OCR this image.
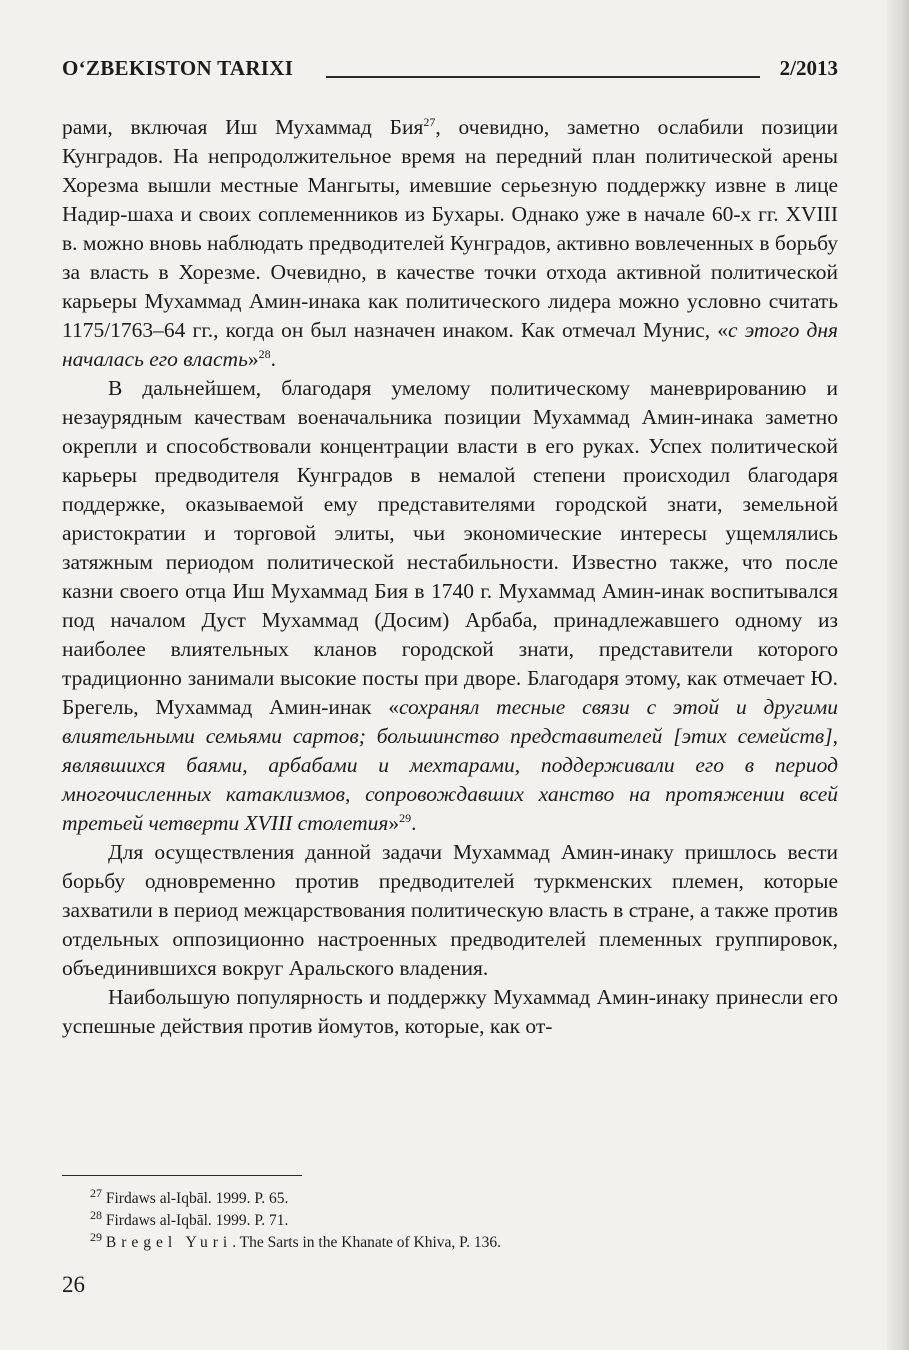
O‘ZBEKISTON TARIXI	2/2013

рами, включая Иш Мухаммад Бия$^{27}$, очевидно, заметно ослабили позиции Кунградов. На непродолжительное время на передний план политической арены Хорезма вышли местные Мангыты, имевшие серьезную поддержку извне в лице Надир-шаха и своих соплеменников из Бухары. Однако уже в начале 60-х гг. XVIII в. можно вновь наблюдать предводителей Кунградов, активно вовлеченных в борьбу за власть в Хорезме. Очевидно, в качестве точки отхода активной политической карьеры Мухаммад Амин-инака как политического лидера можно условно считать 1175/1763–64 гг., когда он был назначен инаком. Как отмечал Мунис, «с этого дня началась его власть»$^{28}$.

В дальнейшем, благодаря умелому политическому маневрированию и незаурядным качествам военачальника позиции Мухаммад Амин-инака заметно окрепли и способствовали концентрации власти в его руках. Успех политической карьеры предводителя Кунградов в немалой степени происходил благодаря поддержке, оказываемой ему представителями городской знати, земельной аристократии и торговой элиты, чьи экономические интересы ущемлялись затяжным периодом политической нестабильности. Известно также, что после казни своего отца Иш Мухаммад Бия в 1740 г. Мухаммад Амин-инак воспитывался под началом Дуст Мухаммад (Досим) Арбаба, принадлежавшего одному из наиболее влиятельных кланов городской знати, представители которого традиционно занимали высокие посты при дворе. Благодаря этому, как отмечает Ю. Брегель, Мухаммад Амин-инак «сохранял тесные связи с этой и другими влиятельными семьями сартов; большинство представителей [этих семейств], являвшихся баями, арбабами и мехтарами, поддерживали его в период многочисленных катаклизмов, сопровождавших ханство на протяжении всей третьей четверти XVIII столетия»$^{29}$.

Для осуществления данной задачи Мухаммад Амин-инаку пришлось вести борьбу одновременно против предводителей туркменских племен, которые захватили в период межцарствования политическую власть в стране, а также против отдельных оппозиционно настроенных предводителей племенных группировок, объединившихся вокруг Аральского владения.

Наибольшую популярность и поддержку Мухаммад Амин-инаку принесли его успешные действия против йомутов, которые, как от-

$^{27}$ Firdaws al-Iqbāl. 1999. P. 65.

$^{28}$ Firdaws al-Iqbāl. 1999. P. 71.

$^{29}$ Bregel Yuri. The Sarts in the Khanate of Khiva, P. 136.

26
